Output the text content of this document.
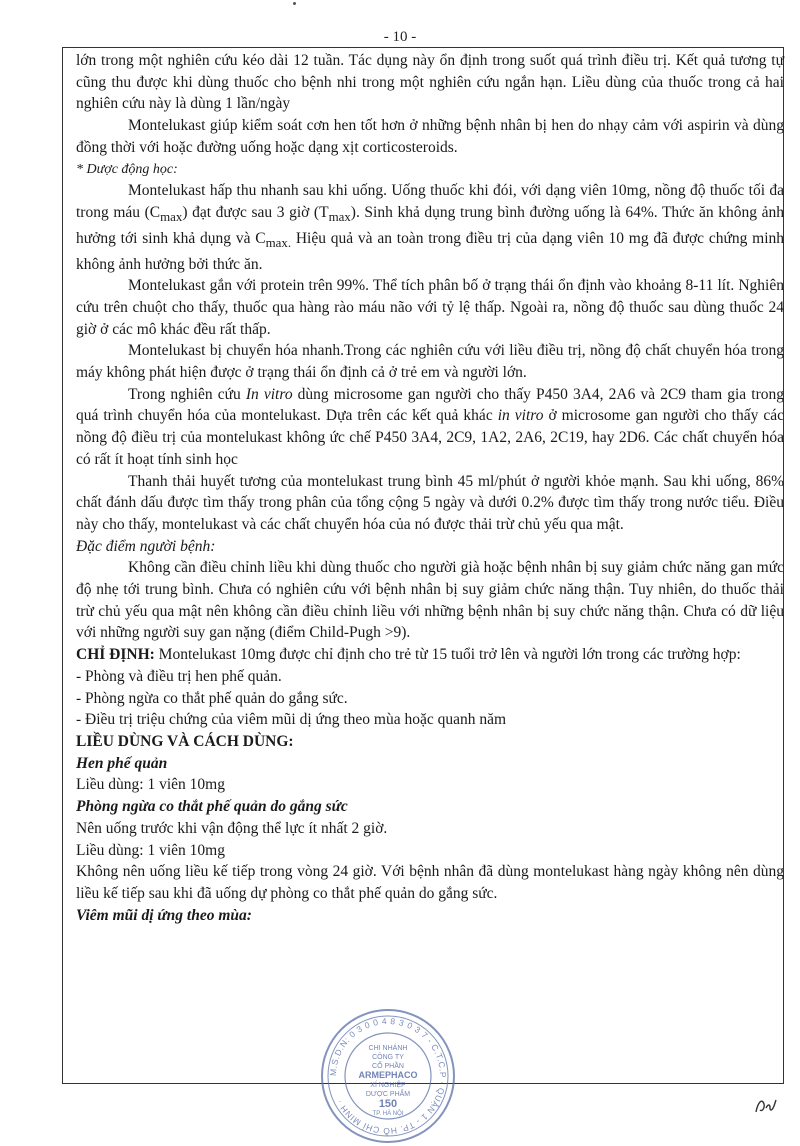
- 10 -

lớn trong một nghiên cứu kéo dài 12 tuần. Tác dụng này ổn định trong suốt quá trình điều trị. Kết quả tương tự cũng thu được khi dùng thuốc cho bệnh nhi trong một nghiên cứu ngắn hạn. Liều dùng của thuốc trong cả hai nghiên cứu này là dùng 1 lần/ngày

Montelukast giúp kiểm soát cơn hen tốt hơn ở những bệnh nhân bị hen do nhạy cảm với aspirin và dùng đồng thời với hoặc đường uống hoặc dạng xịt corticosteroids.

* Dược động học:

Montelukast hấp thu nhanh sau khi uống. Uống thuốc khi đói, với dạng viên 10mg, nồng độ thuốc tối đa trong máu $(C_{max})$ đạt được sau 3 giờ $(T_{max})$. Sinh khả dụng trung bình đường uống là 64%. Thức ăn không ảnh hưởng tới sinh khả dụng và $C_{max.}$ Hiệu quả và an toàn trong điều trị của dạng viên 10 mg đã được chứng minh không ảnh hưởng bởi thức ăn.

Montelukast gắn với protein trên 99%. Thể tích phân bố ở trạng thái ổn định vào khoảng 8-11 lít. Nghiên cứu trên chuột cho thấy, thuốc qua hàng rào máu não với tỷ lệ thấp. Ngoài ra, nồng độ thuốc sau dùng thuốc 24 giờ ở các mô khác đều rất thấp.

Montelukast bị chuyển hóa nhanh.Trong các nghiên cứu với liều điều trị, nồng độ chất chuyển hóa trong máy không phát hiện được ở trạng thái ổn định cả ở trẻ em và người lớn.

Trong nghiên cứu In vitro dùng microsome gan người cho thấy P450 3A4, 2A6 và 2C9 tham gia trong quá trình chuyển hóa của montelukast. Dựa trên các kết quả khác in vitro ở microsome gan người cho thấy các nồng độ điều trị của montelukast không ức chế P450 3A4, 2C9, 1A2, 2A6, 2C19, hay 2D6. Các chất chuyển hóa có rất ít hoạt tính sinh học

Thanh thải huyết tương của montelukast trung bình 45 ml/phút ở người khỏe mạnh. Sau khi uống, 86% chất đánh dấu được tìm thấy trong phân của tổng cộng 5 ngày và dưới 0.2% được tìm thấy trong nước tiểu. Điều này cho thấy, montelukast và các chất chuyển hóa của nó được thải trừ chủ yếu qua mật.

Đặc điểm người bệnh:

Không cần điều chỉnh liều khi dùng thuốc cho người già hoặc bệnh nhân bị suy giảm chức năng gan mức độ nhẹ tới trung bình. Chưa có nghiên cứu với bệnh nhân bị suy giảm chức năng thận. Tuy nhiên, do thuốc thải trừ chủ yếu qua mật nên không cần điều chỉnh liều với những bệnh nhân bị suy chức năng thận. Chưa có dữ liệu với những người suy gan nặng (điểm Child-Pugh >9).

CHỈ ĐỊNH: Montelukast 10mg được chỉ định cho trẻ từ 15 tuổi trở lên và người lớn trong các trường hợp:

- Phòng và điều trị hen phế quản.

- Phòng ngừa co thắt phế quản do gắng sức.

- Điều trị triệu chứng của viêm mũi dị ứng theo mùa hoặc quanh năm

LIỀU DÙNG VÀ CÁCH DÙNG:

Hen phế quản

Liều dùng: 1 viên 10mg

Phòng ngừa co thắt phế quản do gắng sức

Nên uống trước khi vận động thể lực ít nhất 2 giờ.

Liều dùng: 1 viên 10mg

Không nên uống liều kế tiếp trong vòng 24 giờ. Với bệnh nhân đã dùng montelukast hàng ngày không nên dùng liều kế tiếp sau khi đã uống dự phòng co thắt phế quản do gắng sức.

Viêm mũi dị ứng theo mùa:

M.S.D.N: 0 3 0 0 4 8 3 0 3 7 - C.T.C.P · QUẬN 1 - TP. HỒ CHÍ MINH ·
CHI NHÁNH
CÔNG TY
CỔ PHẦN
ARMEPHACO
XÍ NGHIỆP
DƯỢC PHẨM
150
TP. HÀ NỘI
